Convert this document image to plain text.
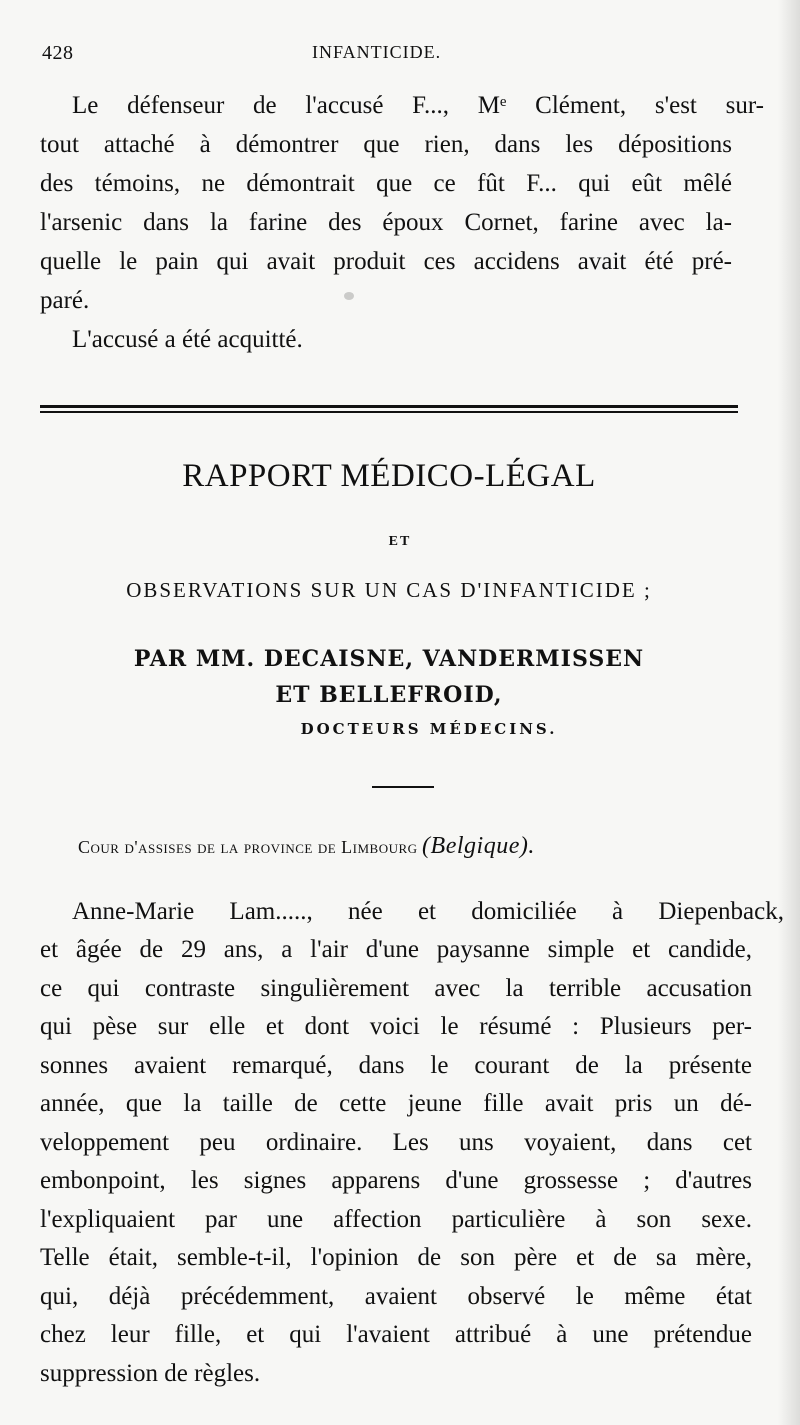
428	INFANTICIDE.
Le défenseur de l'accusé F..., Mᵉ Clément, s'est sur-
tout attaché à démontrer que rien, dans les dépositions
des témoins, ne démontrait que ce fût F... qui eût mêlé
l'arsenic dans la farine des époux Cornet, farine avec la-
quelle le pain qui avait produit ces accidens avait été pré-
paré.
L'accusé a été acquitté.
RAPPORT MÉDICO-LÉGAL
ET
OBSERVATIONS SUR UN CAS D'INFANTICIDE ;
PAR MM. DECAISNE, VANDERMISSEN
ET BELLEFROID,
DOCTEURS MÉDECINS.
Cour d'assises de la province de Limbourg (Belgique).
Anne-Marie Lam....., née et domiciliée à Diepenback,
et âgée de 29 ans, a l'air d'une paysanne simple et candide,
ce qui contraste singulièrement avec la terrible accusation
qui pèse sur elle et dont voici le résumé : Plusieurs per-
sonnes avaient remarqué, dans le courant de la présente
année, que la taille de cette jeune fille avait pris un dé-
veloppement peu ordinaire. Les uns voyaient, dans cet
embonpoint, les signes apparens d'une grossesse ; d'autres
l'expliquaient par une affection particulière à son sexe.
Telle était, semble-t-il, l'opinion de son père et de sa mère,
qui, déjà précédemment, avaient observé le même état
chez leur fille, et qui l'avaient attribué à une prétendue
suppression de règles.
